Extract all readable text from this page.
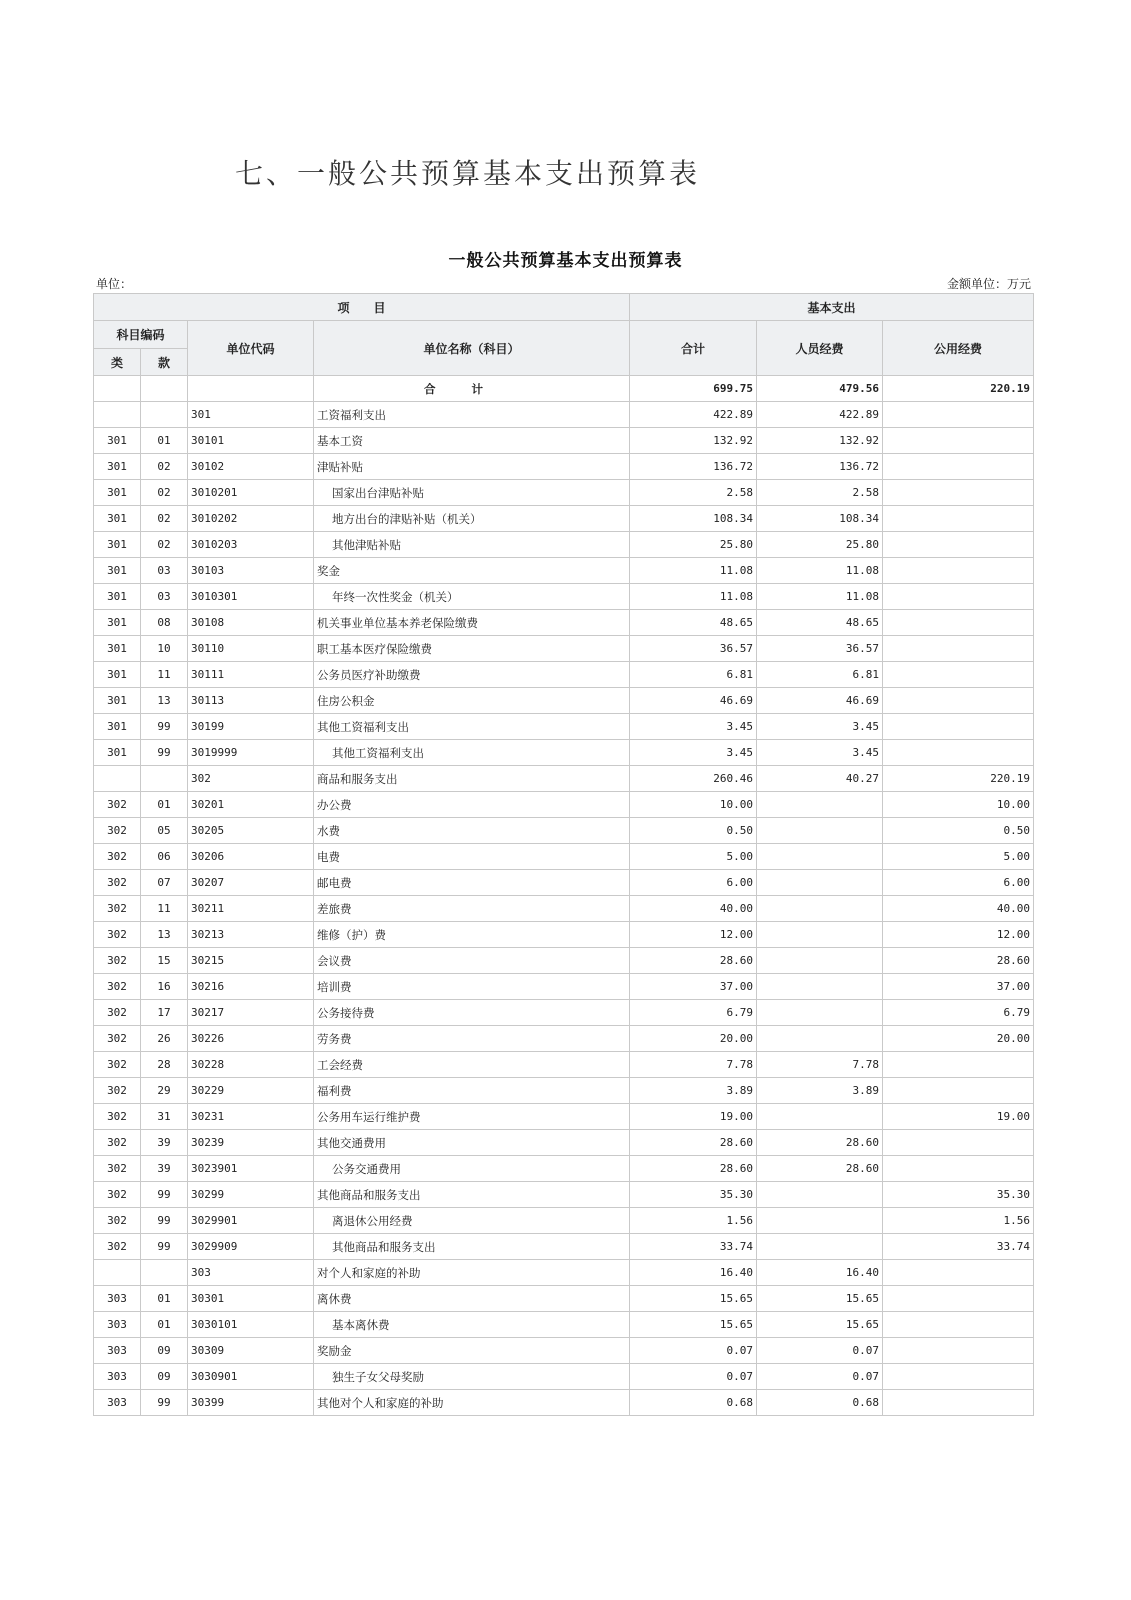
七、一般公共预算基本支出预算表
一般公共预算基本支出预算表
单位：	金额单位：万元
项　　目				基本支出		
科目编码		单位代码	单位名称（科目）	合计	人员经费	公用经费
类	款					
			合计	699.75	479.56	220.19
		301	工资福利支出	422.89	422.89	
301	01	30101	基本工资	132.92	132.92	
301	02	30102	津贴补贴	136.72	136.72	
301	02	3010201	国家出台津贴补贴	2.58	2.58	
301	02	3010202	地方出台的津贴补贴（机关）	108.34	108.34	
301	02	3010203	其他津贴补贴	25.80	25.80	
301	03	30103	奖金	11.08	11.08	
301	03	3010301	年终一次性奖金（机关）	11.08	11.08	
301	08	30108	机关事业单位基本养老保险缴费	48.65	48.65	
301	10	30110	职工基本医疗保险缴费	36.57	36.57	
301	11	30111	公务员医疗补助缴费	6.81	6.81	
301	13	30113	住房公积金	46.69	46.69	
301	99	30199	其他工资福利支出	3.45	3.45	
301	99	3019999	其他工资福利支出	3.45	3.45	
		302	商品和服务支出	260.46	40.27	220.19
302	01	30201	办公费	10.00		10.00
302	05	30205	水费	0.50		0.50
302	06	30206	电费	5.00		5.00
302	07	30207	邮电费	6.00		6.00
302	11	30211	差旅费	40.00		40.00
302	13	30213	维修（护）费	12.00		12.00
302	15	30215	会议费	28.60		28.60
302	16	30216	培训费	37.00		37.00
302	17	30217	公务接待费	6.79		6.79
302	26	30226	劳务费	20.00		20.00
302	28	30228	工会经费	7.78	7.78	
302	29	30229	福利费	3.89	3.89	
302	31	30231	公务用车运行维护费	19.00		19.00
302	39	30239	其他交通费用	28.60	28.60	
302	39	3023901	公务交通费用	28.60	28.60	
302	99	30299	其他商品和服务支出	35.30		35.30
302	99	3029901	离退休公用经费	1.56		1.56
302	99	3029909	其他商品和服务支出	33.74		33.74
		303	对个人和家庭的补助	16.40	16.40	
303	01	30301	离休费	15.65	15.65	
303	01	3030101	基本离休费	15.65	15.65	
303	09	30309	奖励金	0.07	0.07	
303	09	3030901	独生子女父母奖励	0.07	0.07	
303	99	30399	其他对个人和家庭的补助	0.68	0.68	
